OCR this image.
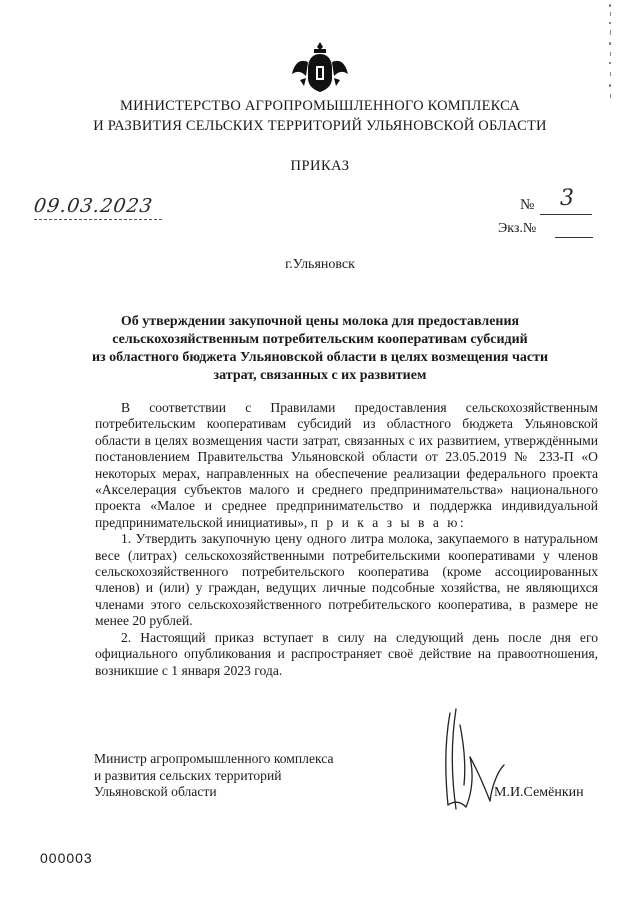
МИНИСТЕРСТВО АГРОПРОМЫШЛЕННОГО КОМПЛЕКСА
И РАЗВИТИЯ СЕЛЬСКИХ ТЕРРИТОРИЙ УЛЬЯНОВСКОЙ ОБЛАСТИ
ПРИКАЗ
09.03.2023	№ 3
Экз.№
г.Ульяновск
Об утверждении закупочной цены молока для предоставления
сельскохозяйственным потребительским кооперативам субсидий
из областного бюджета Ульяновской области в целях возмещения части
затрат, связанных с их развитием

В соответствии с Правилами предоставления сельскохозяйственным потребительским кооперативам субсидий из областного бюджета Ульяновской области в целях возмещения части затрат, связанных с их развитием, утверждёнными постановлением Правительства Ульяновской области от 23.05.2019 № 233-П «О некоторых мерах, направленных на обеспечение реализации федерального проекта «Акселерация субъектов малого и среднего предпринимательства» национального проекта «Малое и среднее предпринимательство и поддержка индивидуальной предпринимательской инициативы», п р и к а з ы в а ю:

1. Утвердить закупочную цену одного литра молока, закупаемого в натуральном весе (литрах) сельскохозяйственными потребительскими кооперативами у членов сельскохозяйственного потребительского кооператива (кроме ассоциированных членов) и (или) у граждан, ведущих личные подсобные хозяйства, не являющихся членами этого сельскохозяйственного потребительского кооператива, в размере не менее 20 рублей.

2. Настоящий приказ вступает в силу на следующий день после дня его официального опубликования и распространяет своё действие на правоотношения, возникшие с 1 января 2023 года.

Министр агропромышленного комплекса
и развития сельских территорий
Ульяновской области	М.И.Семёнкин
000003
